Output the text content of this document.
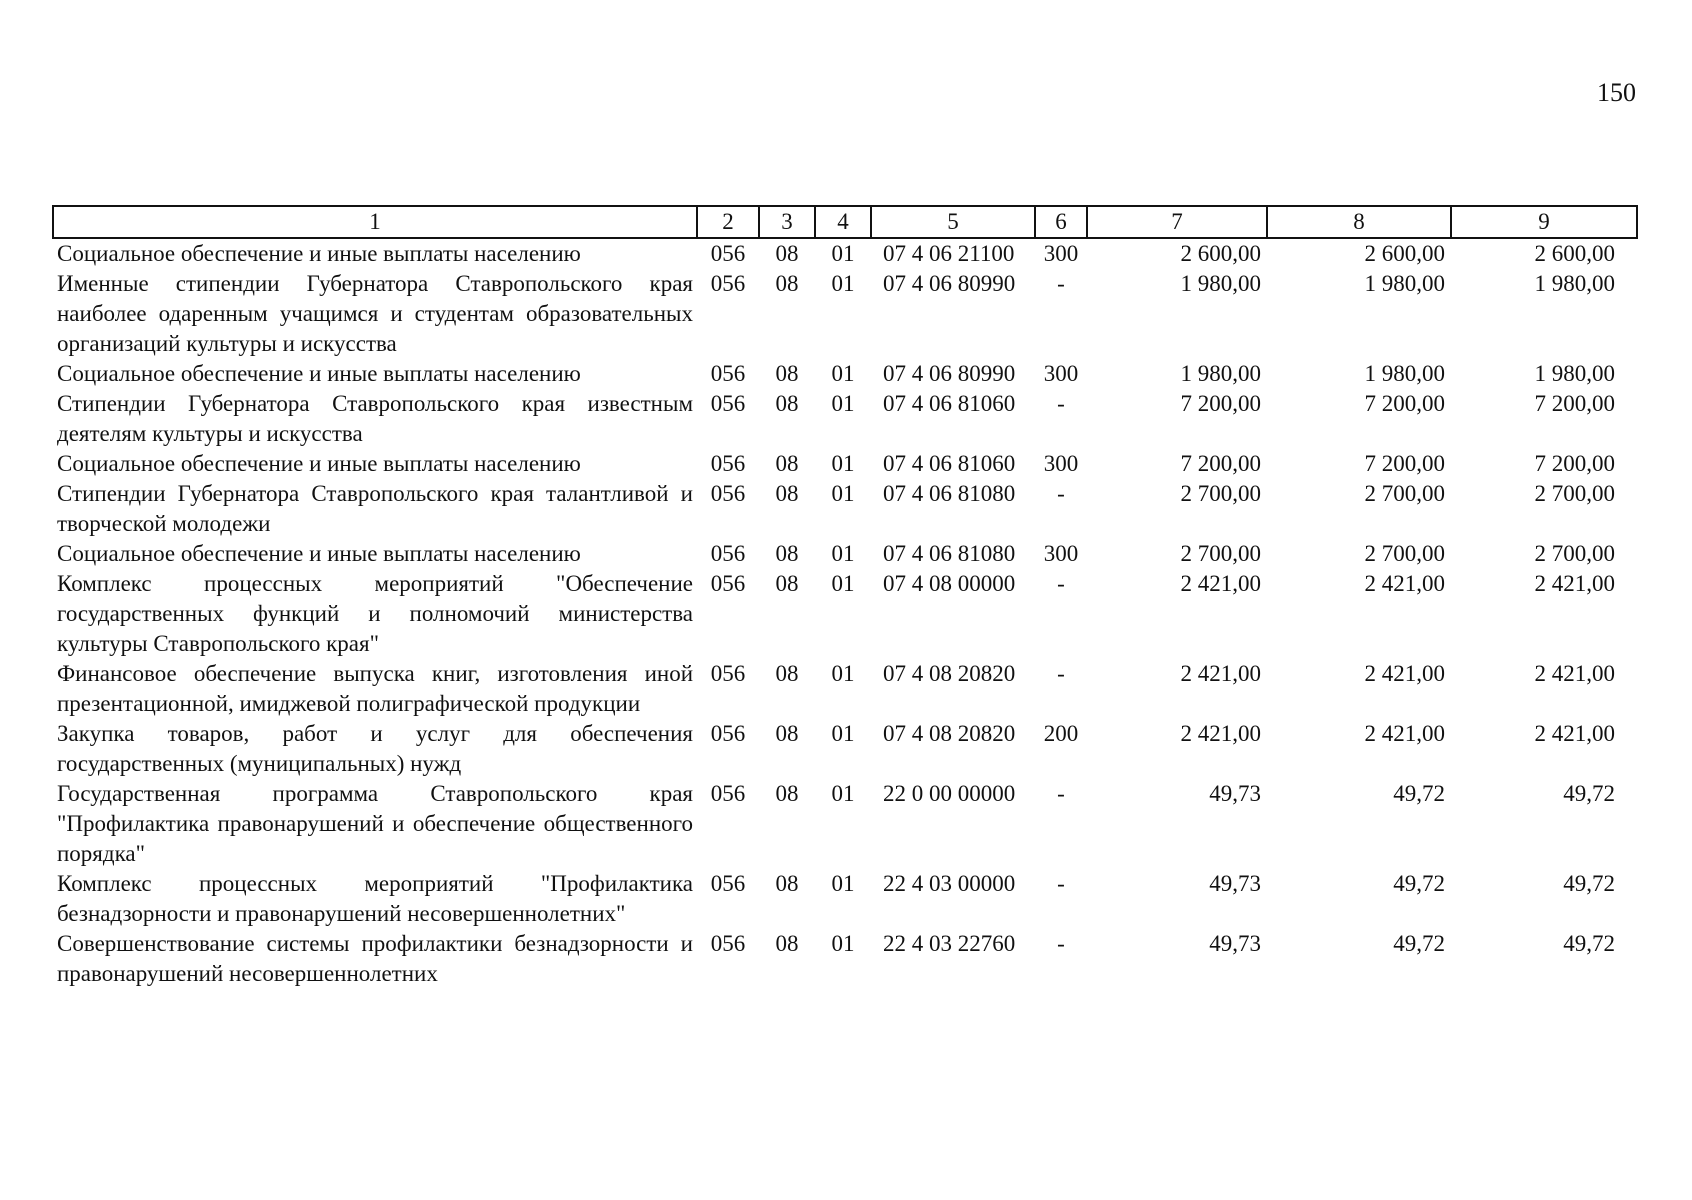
150
1	2	3	4	5	6	7	8	9
Социальное обеспечение и иные выплаты населению	056	08	01	07 4 06 21100	300	2 600,00	2 600,00	2 600,00
Именные стипендии Губернатора Ставропольского края наиболее одаренным учащимся и студентам образовательных организаций культуры и искусства	056	08	01	07 4 06 80990	-	1 980,00	1 980,00	1 980,00
Социальное обеспечение и иные выплаты населению	056	08	01	07 4 06 80990	300	1 980,00	1 980,00	1 980,00
Стипендии Губернатора Ставропольского края известным деятелям культуры и искусства	056	08	01	07 4 06 81060	-	7 200,00	7 200,00	7 200,00
Социальное обеспечение и иные выплаты населению	056	08	01	07 4 06 81060	300	7 200,00	7 200,00	7 200,00
Стипендии Губернатора Ставропольского края талантливой и творческой молодежи	056	08	01	07 4 06 81080	-	2 700,00	2 700,00	2 700,00
Социальное обеспечение и иные выплаты населению	056	08	01	07 4 06 81080	300	2 700,00	2 700,00	2 700,00
Комплекс процессных мероприятий "Обеспечение государственных функций и полномочий министерства культуры Ставропольского края"	056	08	01	07 4 08 00000	-	2 421,00	2 421,00	2 421,00
Финансовое обеспечение выпуска книг, изготовления иной презентационной, имиджевой полиграфической продукции	056	08	01	07 4 08 20820	-	2 421,00	2 421,00	2 421,00
Закупка товаров, работ и услуг для обеспечения государственных (муниципальных) нужд	056	08	01	07 4 08 20820	200	2 421,00	2 421,00	2 421,00
Государственная программа Ставропольского края "Профилактика правонарушений и обеспечение общественного порядка"	056	08	01	22 0 00 00000	-	49,73	49,72	49,72
Комплекс процессных мероприятий "Профилактика безнадзорности и правонарушений несовершеннолетних"	056	08	01	22 4 03 00000	-	49,73	49,72	49,72
Совершенствование системы профилактики безнадзорности и правонарушений несовершеннолетних	056	08	01	22 4 03 22760	-	49,73	49,72	49,72
